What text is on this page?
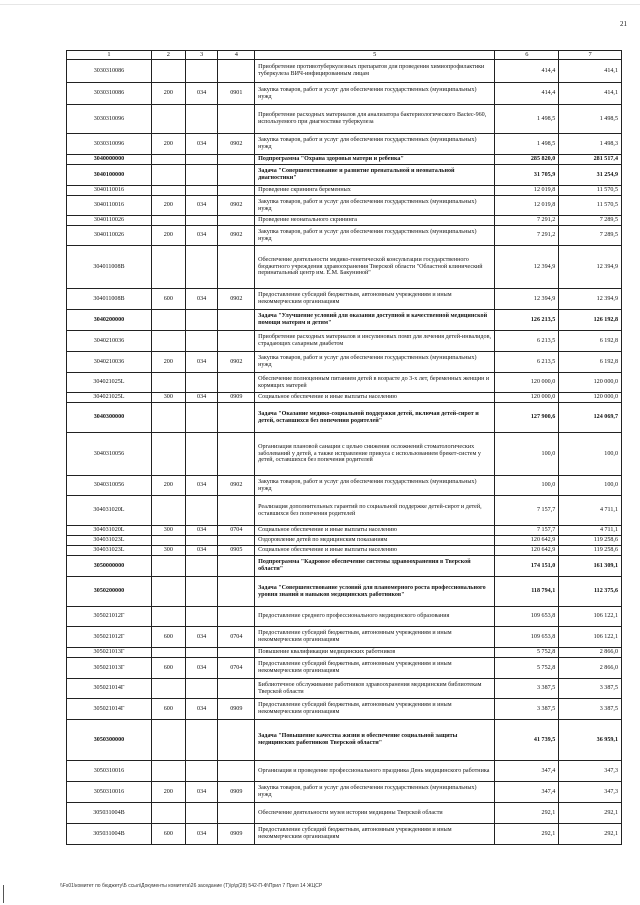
21
1	2	3	4	5	6	7
3030310086				Приобретение противотуберкулезных препаратов для проведения химиопрофилактики туберкулеза ВИЧ-инфицированным лицам	414,4	414,1
3030310086	200	034	0901	Закупка товаров, работ и услуг для обеспечения государственных (муниципальных) нужд	414,4	414,1
3030310096				Приобретение расходных материалов для анализатора бактериологического Bactec-960, используемого при диагностике туберкулеза	1 498,5	1 498,5
3030310096	200	034	0902	Закупка товаров, работ и услуг для обеспечения государственных (муниципальных) нужд	1 498,5	1 498,3
3040000000				Подпрограмма "Охрана здоровья матери и ребенка"	285 820,0	281 517,4
3040100000				Задача "Совершенствование и развитие пренатальной и неонатальной диагностики"	31 705,9	31 254,9
3040110016				Проведение скрининга беременных	12 019,8	11 570,5
3040110016	200	034	0902	Закупка товаров, работ и услуг для обеспечения государственных (муниципальных) нужд	12 019,8	11 570,5
3040110026				Проведение неонатального скрининга	7 291,2	7 289,5
3040110026	200	034	0902	Закупка товаров, работ и услуг для обеспечения государственных (муниципальных) нужд	7 291,2	7 289,5
304011008В				Обеспечение деятельности медико-генетической консультации государственного бюджетного учреждения здравоохранения Тверской области "Областной клинический перинатальный центр им. Е.М. Бакуниной"	12 394,9	12 394,9
304011008В	600	034	0902	Предоставление субсидий бюджетным, автономным учреждениям и иным некоммерческим организациям	12 394,9	12 394,9
3040200000				Задача "Улучшение условий для оказания доступной и качественной медицинской помощи матерям и детям"	126 213,5	126 192,8
3040210036				Приобретение расходных материалов и инсулиновых помп для лечения детей-инвалидов, страдающих сахарным диабетом	6 213,5	6 192,8
3040210036	200	034	0902	Закупка товаров, работ и услуг для обеспечения государственных (муниципальных) нужд	6 213,5	6 192,8
304021025L				Обеспечение полноценным питанием детей в возрасте до 3-х лет, беременных женщин и кормящих матерей	120 000,0	120 000,0
304021025L	300	034	0909	Социальное обеспечение и иные выплаты населению	120 000,0	120 000,0
3040300000				Задача "Оказание медико-социальной поддержки детей, включая детей-сирот и детей, оставшихся без попечения родителей"	127 900,6	124 069,7
3040310056				Организация плановой санации с целью снижения осложнений стоматологических заболеваний у детей, а также исправление прикуса с использованием брекет-систем у детей, оставшихся без попечения родителей	100,0	100,0
3040310056	200	034	0902	Закупка товаров, работ и услуг для обеспечения государственных (муниципальных) нужд	100,0	100,0
304031020L				Реализация дополнительных гарантий по социальной поддержке детей-сирот и детей, оставшихся без попечения родителей	7 157,7	4 711,1
304031020L	300	034	0704	Социальное обеспечение и иные выплаты населению	7 157,7	4 711,1
304031023L				Оздоровление детей по медицинским показаниям	120 642,9	119 258,6
304031023L	300	034	0905	Социальное обеспечение и иные выплаты населению	120 642,9	119 258,6
3050000000				Подпрограмма "Кадровое обеспечение системы здравоохранения в Тверской области"	174 151,0	161 309,1
3050200000				Задача "Совершенствование условий для планомерного роста профессионального уровня знаний и навыков медицинских работников"	118 794,1	112 375,6
305021012Г				Предоставление среднего профессионального медицинского образования	109 653,8	106 122,1
305021012Г	600	034	0704	Предоставление субсидий бюджетным, автономным учреждениям и иным некоммерческим организациям	109 653,8	106 122,1
305021013Г				Повышение квалификации медицинских работников	5 752,8	2 866,0
305021013Г	600	034	0704	Предоставление субсидий бюджетным, автономным учреждениям и иным некоммерческим организациям	5 752,8	2 866,0
305021014Г				Библиотечное обслуживание работников здравоохранения медицинским библиотекам Тверской области	3 387,5	3 387,5
305021014Г	600	034	0909	Предоставление субсидий бюджетным, автономным учреждениям и иным некоммерческим организациям	3 387,5	3 387,5
3050300000				Задача "Повышение качества жизни и обеспечение социальной защиты медицинских работников Тверской области"	41 739,5	36 959,1
3050310016				Организация и проведение профессионального праздника День медицинского работника	347,4	347,3
3050310016	200	034	0909	Закупка товаров, работ и услуг для обеспечения государственных (муниципальных) нужд	347,4	347,3
305031004В				Обеспечение деятельности музея истории медицины Тверской области	292,1	292,1
305031004В	600	034	0909	Предоставление субсидий бюджетным, автономным учреждениям и иным некоммерческим организациям	292,1	292,1
\\Fs01\комитет по бюджету\Б ссыл\Документы комитета\26 заседание (Т)\р\р(28) 542-П-Ф\Прил 7 Прил 14 ЖЦСР
